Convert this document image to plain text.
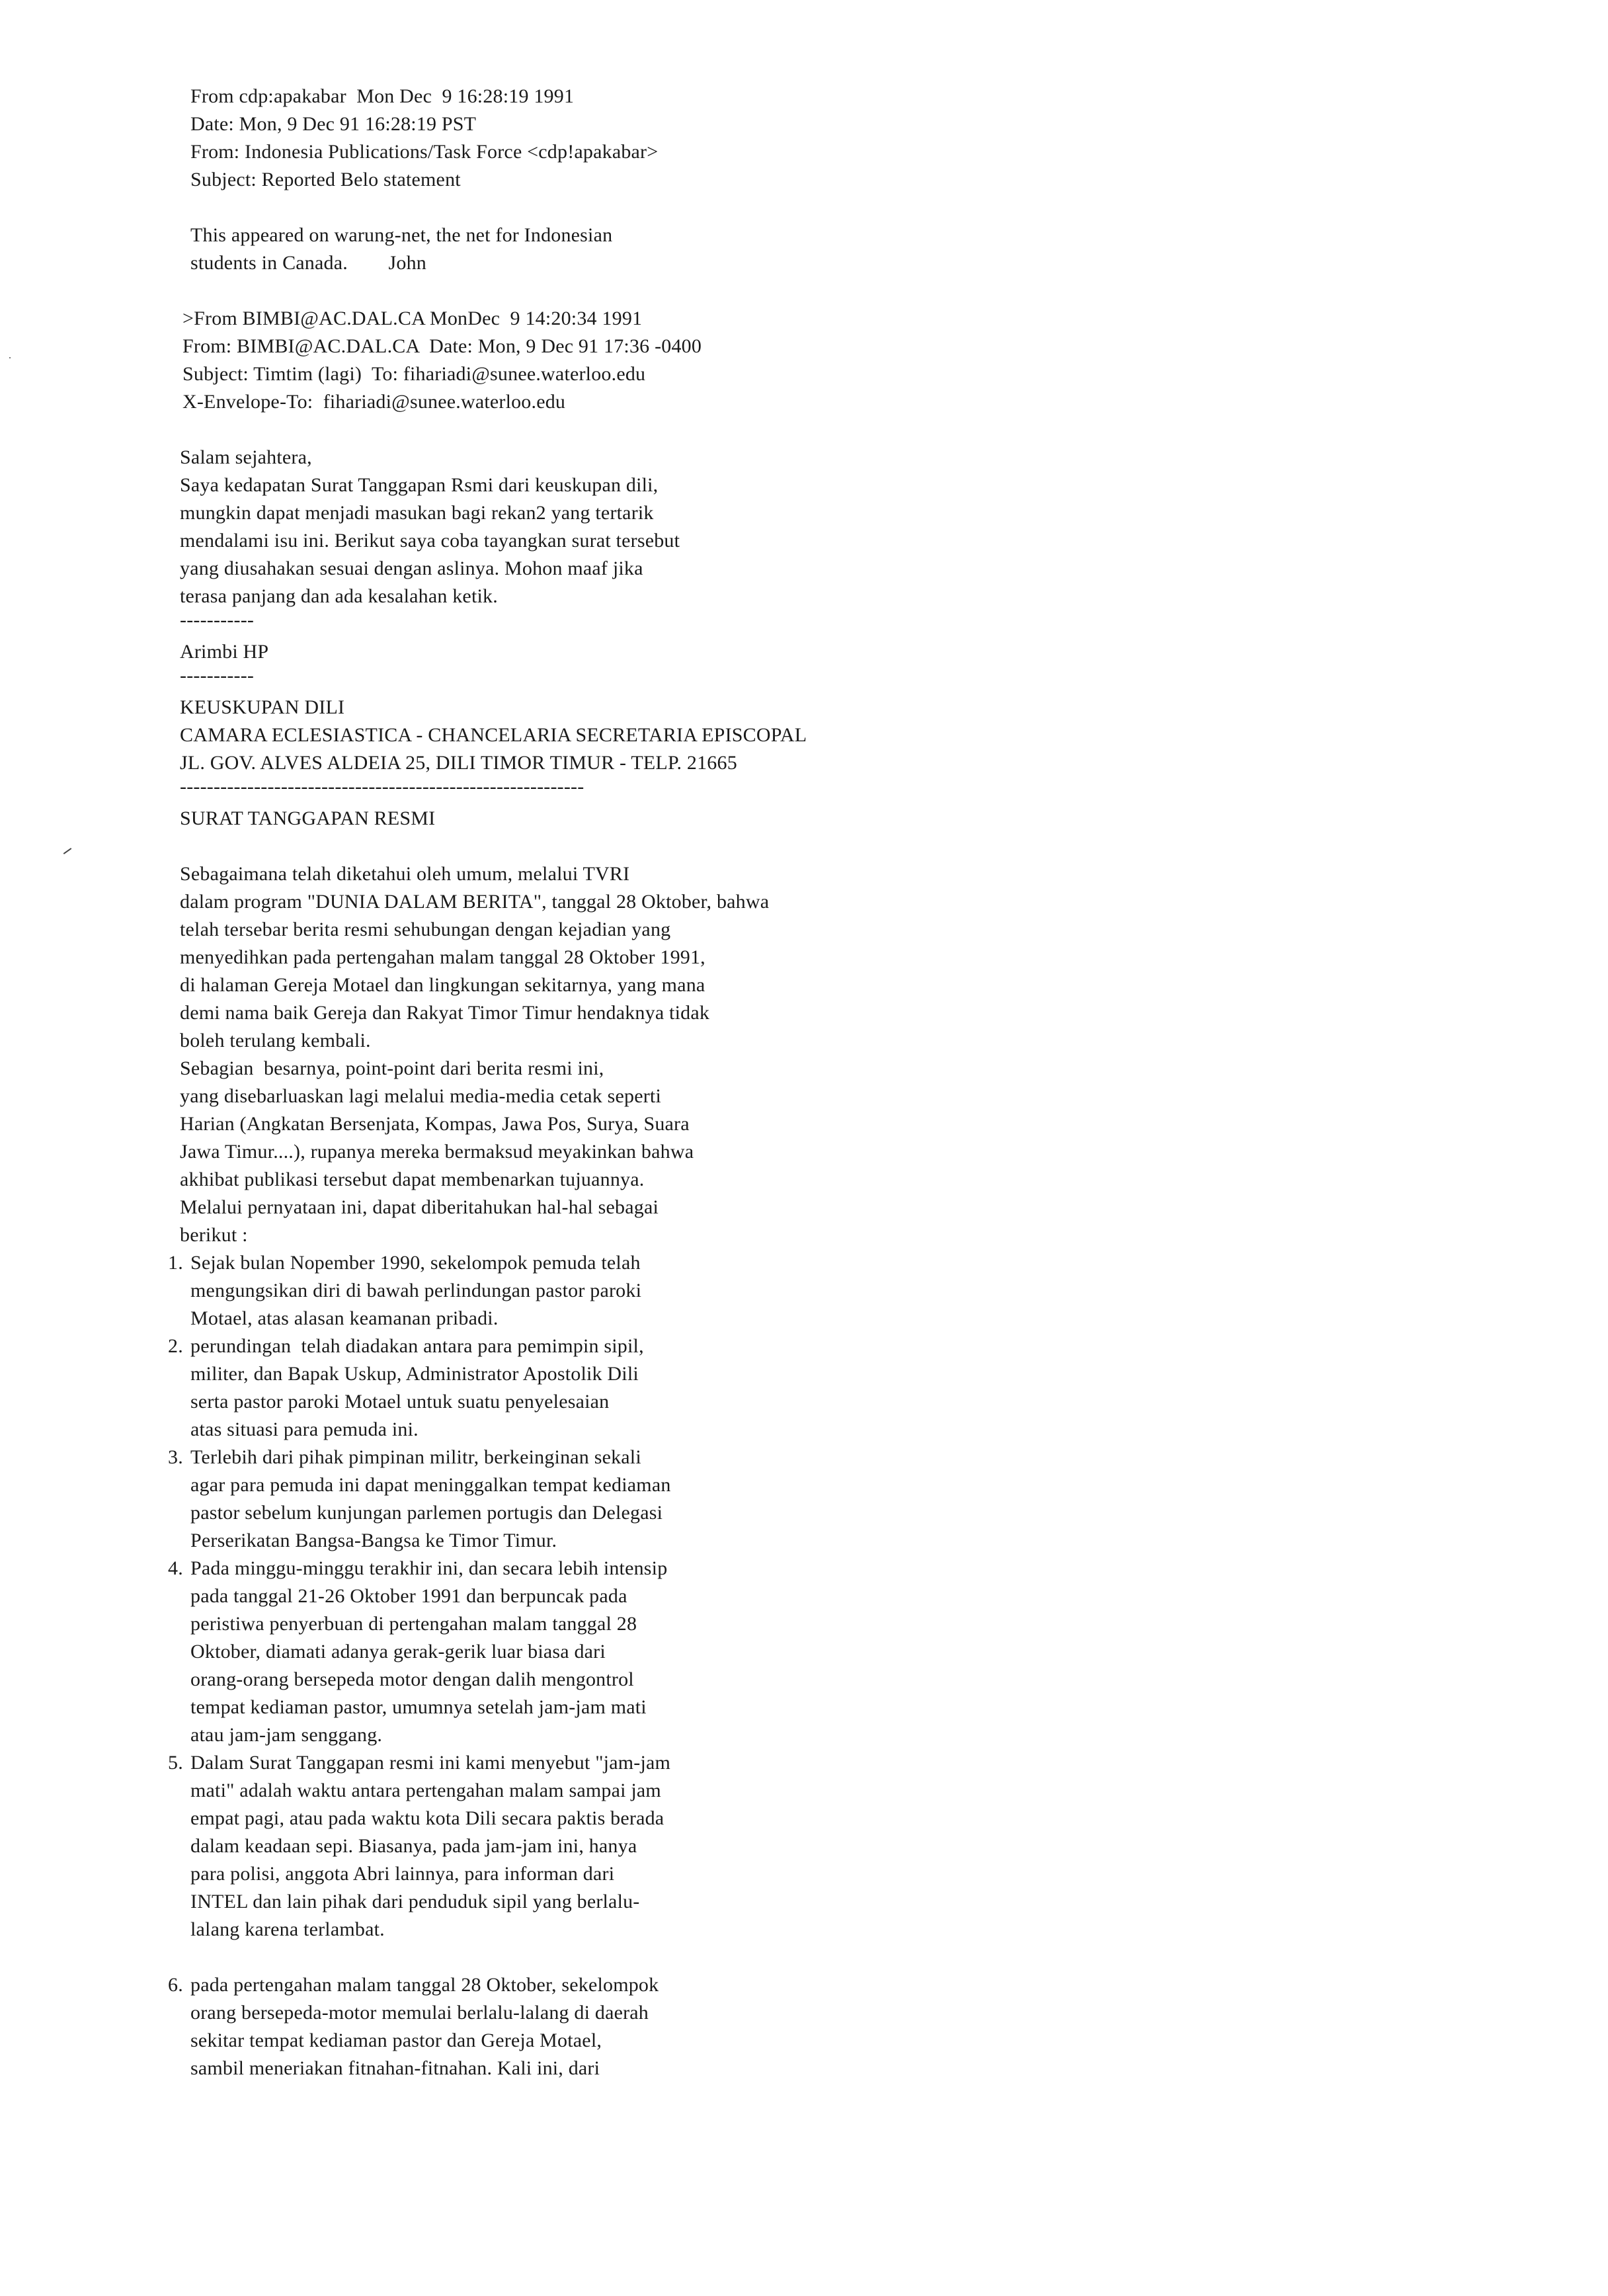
From cdp:apakabar  Mon Dec  9 16:28:19 1991
Date: Mon, 9 Dec 91 16:28:19 PST
From: Indonesia Publications/Task Force <cdp!apakabar>
Subject: Reported Belo statement
This appeared on warung-net, the net for Indonesian
students in Canada.        John
>From BIMBI@AC.DAL.CA MonDec  9 14:20:34 1991
From: BIMBI@AC.DAL.CA  Date: Mon, 9 Dec 91 17:36 -0400
Subject: Timtim (lagi)  To: fihariadi@sunee.waterloo.edu
X-Envelope-To:  fihariadi@sunee.waterloo.edu
Salam sejahtera,
Saya kedapatan Surat Tanggapan Rsmi dari keuskupan dili,
mungkin dapat menjadi masukan bagi rekan2 yang tertarik
mendalami isu ini. Berikut saya coba tayangkan surat tersebut
yang diusahakan sesuai dengan aslinya. Mohon maaf jika
terasa panjang dan ada kesalahan ketik.
-----------
Arimbi HP
-----------
KEUSKUPAN DILI
CAMARA ECLESIASTICA - CHANCELARIA SECRETARIA EPISCOPAL
JL. GOV. ALVES ALDEIA 25, DILI TIMOR TIMUR - TELP. 21665
------------------------------------------------------------
SURAT TANGGAPAN RESMI
Sebagaimana telah diketahui oleh umum, melalui TVRI
dalam program "DUNIA DALAM BERITA", tanggal 28 Oktober, bahwa
telah tersebar berita resmi sehubungan dengan kejadian yang
menyedihkan pada pertengahan malam tanggal 28 Oktober 1991,
di halaman Gereja Motael dan lingkungan sekitarnya, yang mana
demi nama baik Gereja dan Rakyat Timor Timur hendaknya tidak
boleh terulang kembali.
Sebagian  besarnya, point-point dari berita resmi ini,
yang disebarluaskan lagi melalui media-media cetak seperti
Harian (Angkatan Bersenjata, Kompas, Jawa Pos, Surya, Suara
Jawa Timur....), rupanya mereka bermaksud meyakinkan bahwa
akhibat publikasi tersebut dapat membenarkan tujuannya.
Melalui pernyataan ini, dapat diberitahukan hal-hal sebagai
berikut :
1. Sejak bulan Nopember 1990, sekelompok pemuda telah
mengungsikan diri di bawah perlindungan pastor paroki
Motael, atas alasan keamanan pribadi.
2. perundingan  telah diadakan antara para pemimpin sipil,
militer, dan Bapak Uskup, Administrator Apostolik Dili
serta pastor paroki Motael untuk suatu penyelesaian
atas situasi para pemuda ini.
3. Terlebih dari pihak pimpinan militr, berkeinginan sekali
agar para pemuda ini dapat meninggalkan tempat kediaman
pastor sebelum kunjungan parlemen portugis dan Delegasi
Perserikatan Bangsa-Bangsa ke Timor Timur.
4. Pada minggu-minggu terakhir ini, dan secara lebih intensip
pada tanggal 21-26 Oktober 1991 dan berpuncak pada
peristiwa penyerbuan di pertengahan malam tanggal 28
Oktober, diamati adanya gerak-gerik luar biasa dari
orang-orang bersepeda motor dengan dalih mengontrol
tempat kediaman pastor, umumnya setelah jam-jam mati
atau jam-jam senggang.
5. Dalam Surat Tanggapan resmi ini kami menyebut "jam-jam
mati" adalah waktu antara pertengahan malam sampai jam
empat pagi, atau pada waktu kota Dili secara paktis berada
dalam keadaan sepi. Biasanya, pada jam-jam ini, hanya
para polisi, anggota Abri lainnya, para informan dari
INTEL dan lain pihak dari penduduk sipil yang berlalu-
lalang karena terlambat.
6. pada pertengahan malam tanggal 28 Oktober, sekelompok
orang bersepeda-motor memulai berlalu-lalang di daerah
sekitar tempat kediaman pastor dan Gereja Motael,
sambil meneriakan fitnahan-fitnahan. Kali ini, dari
